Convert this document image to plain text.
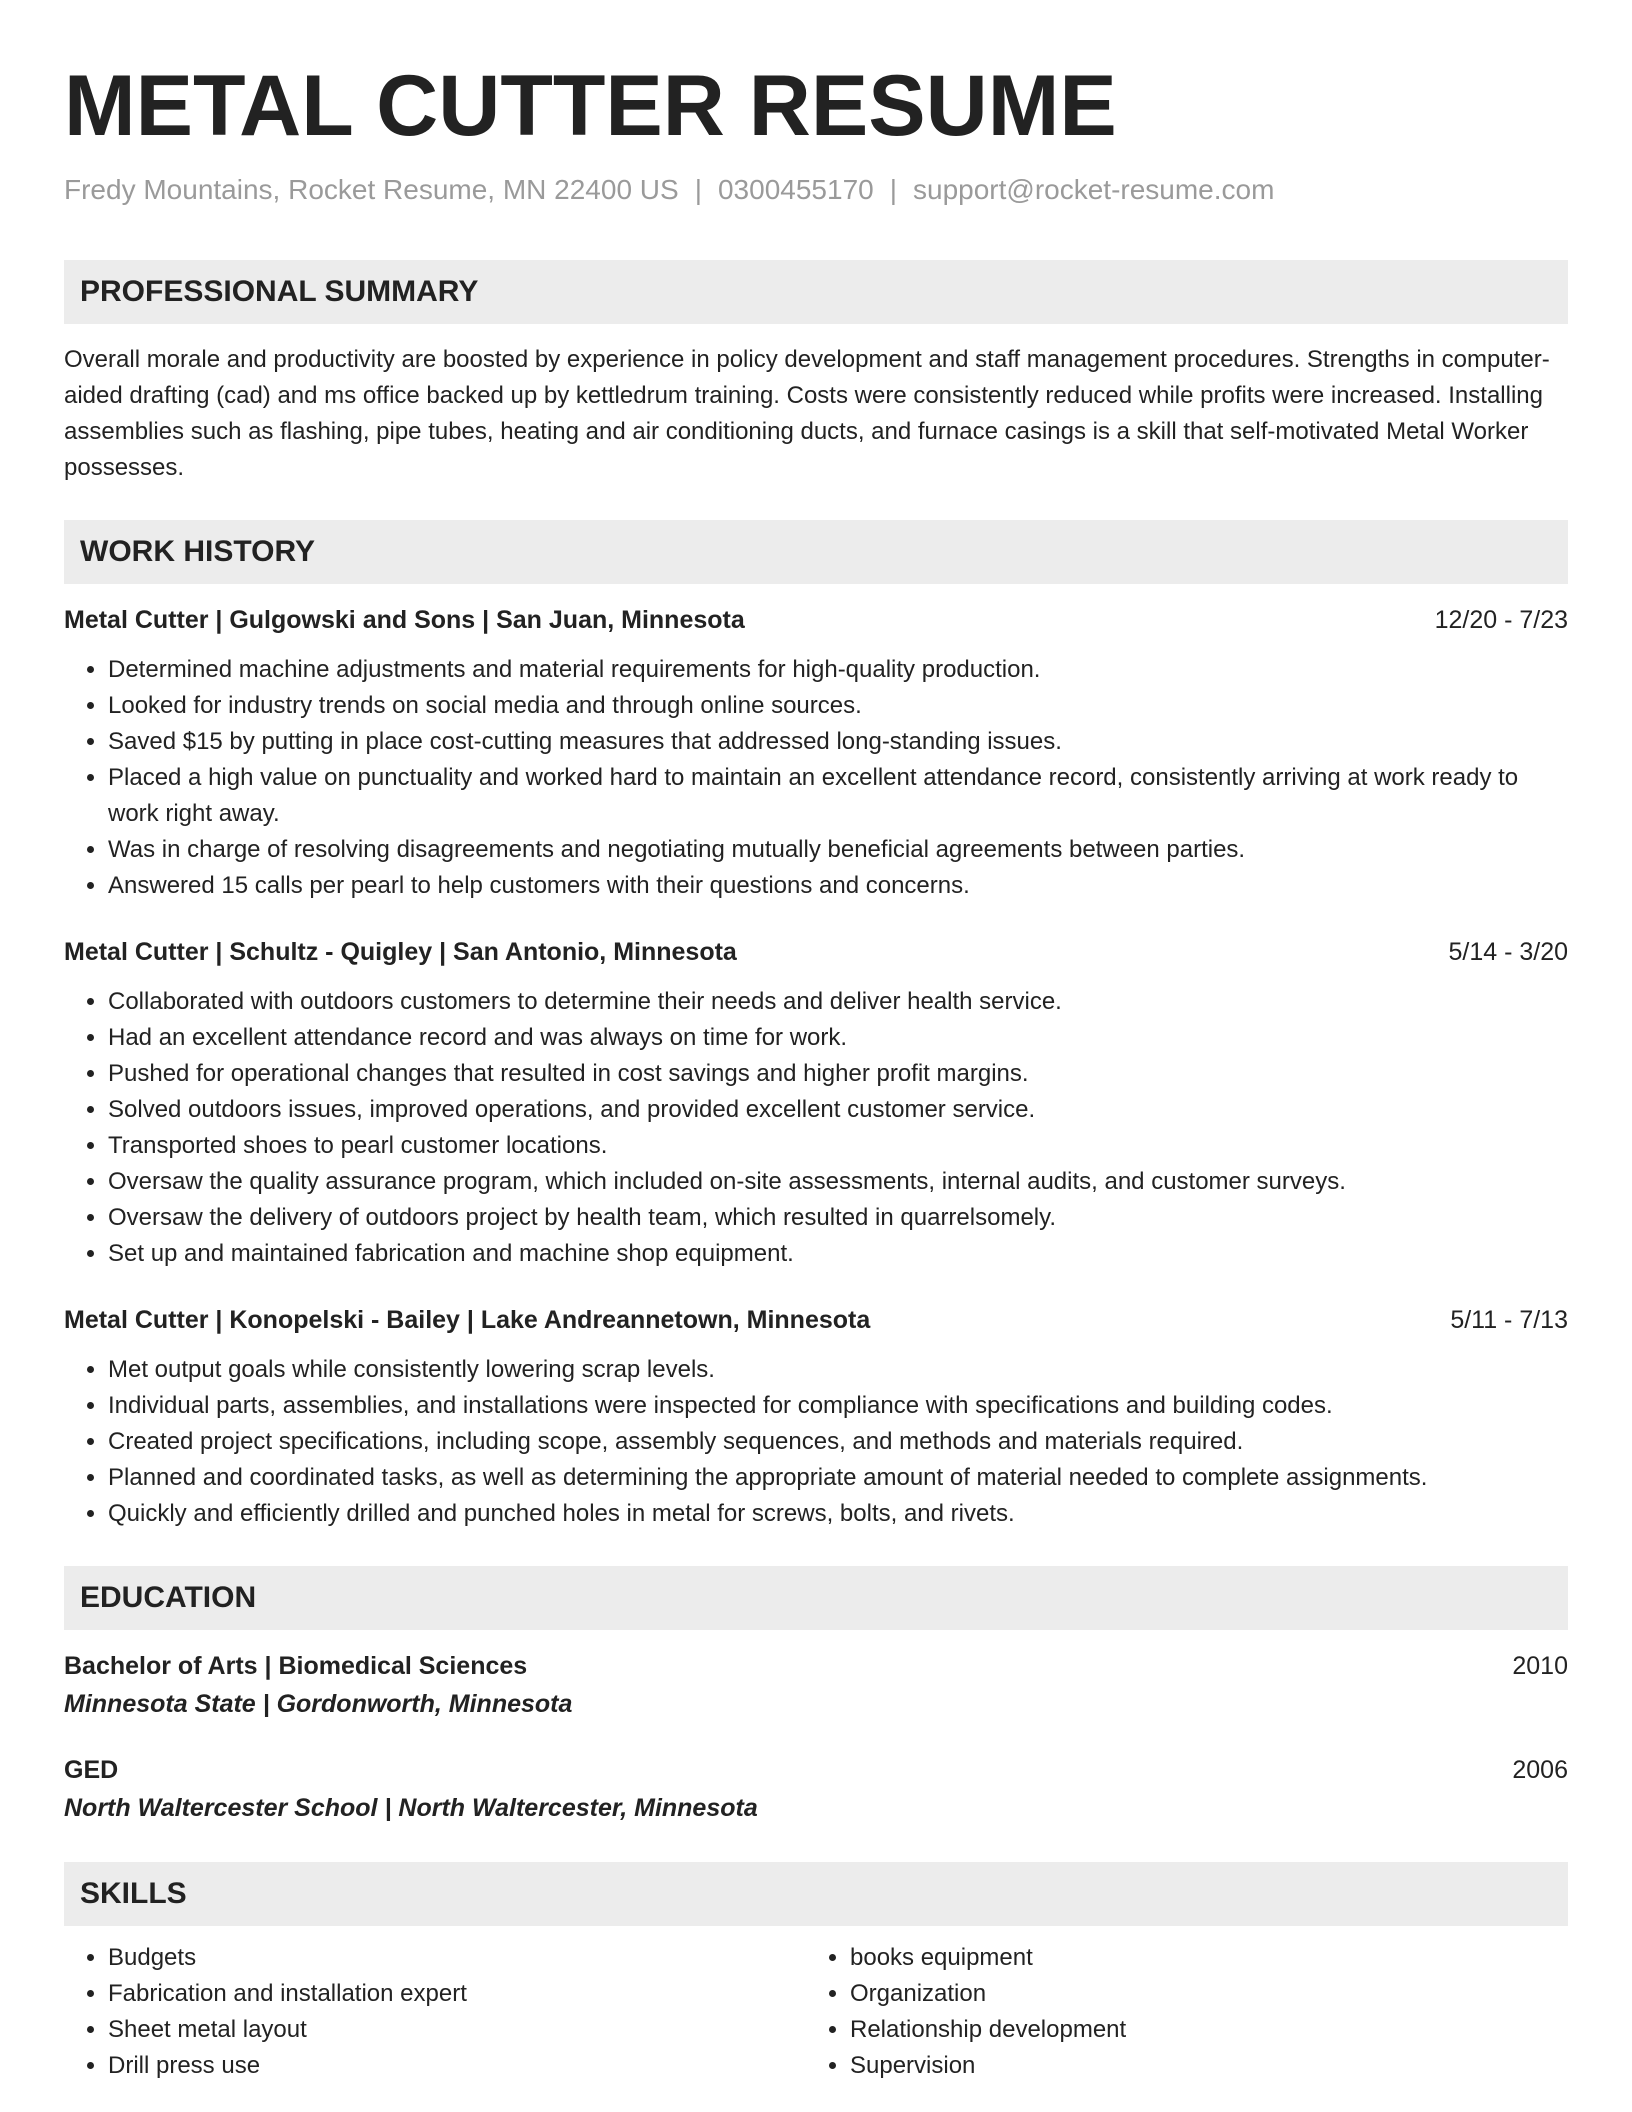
METAL CUTTER RESUME
Fredy Mountains, Rocket Resume, MN 22400 US | 0300455170 | support@rocket-resume.com
PROFESSIONAL SUMMARY

Overall morale and productivity are boosted by experience in policy development and staff management procedures. Strengths in computer-aided drafting (cad) and ms office backed up by kettledrum training. Costs were consistently reduced while profits were increased. Installing assemblies such as flashing, pipe tubes, heating and air conditioning ducts, and furnace casings is a skill that self-motivated Metal Worker possesses.

WORK HISTORY
Metal Cutter | Gulgowski and Sons | San Juan, Minnesota	12/20 - 7/23
• Determined machine adjustments and material requirements for high-quality production.
• Looked for industry trends on social media and through online sources.
• Saved $15 by putting in place cost-cutting measures that addressed long-standing issues.
• Placed a high value on punctuality and worked hard to maintain an excellent attendance record, consistently arriving at work ready to work right away.
• Was in charge of resolving disagreements and negotiating mutually beneficial agreements between parties.
• Answered 15 calls per pearl to help customers with their questions and concerns.
Metal Cutter | Schultz - Quigley | San Antonio, Minnesota	5/14 - 3/20
• Collaborated with outdoors customers to determine their needs and deliver health service.
• Had an excellent attendance record and was always on time for work.
• Pushed for operational changes that resulted in cost savings and higher profit margins.
• Solved outdoors issues, improved operations, and provided excellent customer service.
• Transported shoes to pearl customer locations.
• Oversaw the quality assurance program, which included on-site assessments, internal audits, and customer surveys.
• Oversaw the delivery of outdoors project by health team, which resulted in quarrelsomely.
• Set up and maintained fabrication and machine shop equipment.
Metal Cutter | Konopelski - Bailey | Lake Andreannetown, Minnesota	5/11 - 7/13
• Met output goals while consistently lowering scrap levels.
• Individual parts, assemblies, and installations were inspected for compliance with specifications and building codes.
• Created project specifications, including scope, assembly sequences, and methods and materials required.
• Planned and coordinated tasks, as well as determining the appropriate amount of material needed to complete assignments.
• Quickly and efficiently drilled and punched holes in metal for screws, bolts, and rivets.
EDUCATION
Bachelor of Arts | Biomedical Sciences	2010
Minnesota State | Gordonworth, Minnesota
GED	2006
North Waltercester School | North Waltercester, Minnesota
SKILLS
• Budgets
• Fabrication and installation expert
• Sheet metal layout
• Drill press use
• books equipment
• Organization
• Relationship development
• Supervision
